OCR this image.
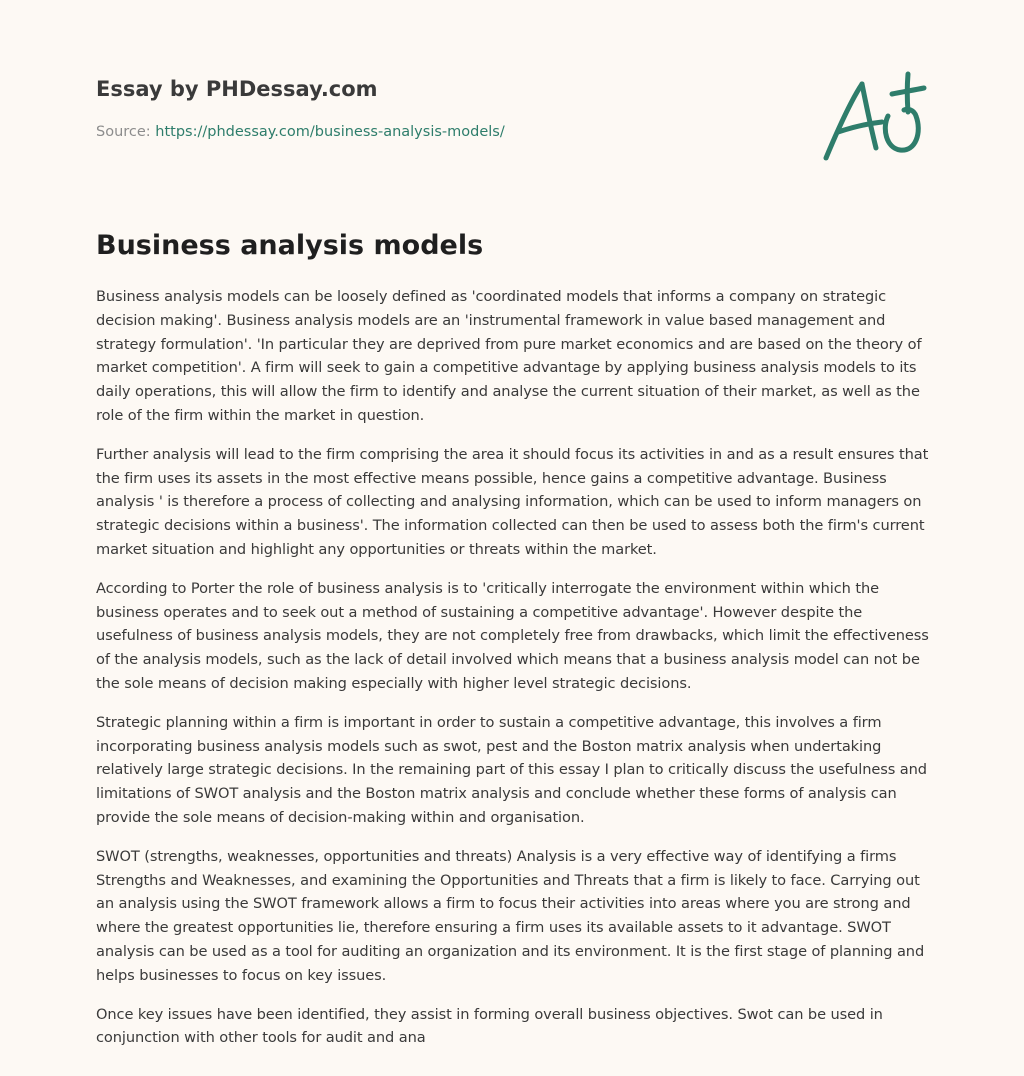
Essay by PHDessay.com
Source: https://phdessay.com/business-analysis-models/
Business analysis models

Business analysis models can be loosely defined as 'coordinated models that informs a company on strategic decision making'. Business analysis models are an 'instrumental framework in value based management and strategy formulation'. 'In particular they are deprived from pure market economics and are based on the theory of market competition'. A firm will seek to gain a competitive advantage by applying business analysis models to its daily operations, this will allow the firm to identify and analyse the current situation of their market, as well as the role of the firm within the market in question.

Further analysis will lead to the firm comprising the area it should focus its activities in and as a result ensures that the firm uses its assets in the most effective means possible, hence gains a competitive advantage. Business analysis ' is therefore a process of collecting and analysing information, which can be used to inform managers on strategic decisions within a business'. The information collected can then be used to assess both the firm's current market situation and highlight any opportunities or threats within the market.

According to Porter the role of business analysis is to 'critically interrogate the environment within which the business operates and to seek out a method of sustaining a competitive advantage'. However despite the usefulness of business analysis models, they are not completely free from drawbacks, which limit the effectiveness of the analysis models, such as the lack of detail involved which means that a business analysis model can not be the sole means of decision making especially with higher level strategic decisions.

Strategic planning within a firm is important in order to sustain a competitive advantage, this involves a firm incorporating business analysis models such as swot, pest and the Boston matrix analysis when undertaking relatively large strategic decisions. In the remaining part of this essay I plan to critically discuss the usefulness and limitations of SWOT analysis and the Boston matrix analysis and conclude whether these forms of analysis can provide the sole means of decision-making within and organisation.

SWOT (strengths, weaknesses, opportunities and threats) Analysis is a very effective way of identifying a firms Strengths and Weaknesses, and examining the Opportunities and Threats that a firm is likely to face. Carrying out an analysis using the SWOT framework allows a firm to focus their activities into areas where you are strong and where the greatest opportunities lie, therefore ensuring a firm uses its available assets to it advantage. SWOT analysis can be used as a tool for auditing an organization and its environment. It is the first stage of planning and helps businesses to focus on key issues.

Once key issues have been identified, they assist in forming overall business objectives. Swot can be used in conjunction with other tools for audit and ana
